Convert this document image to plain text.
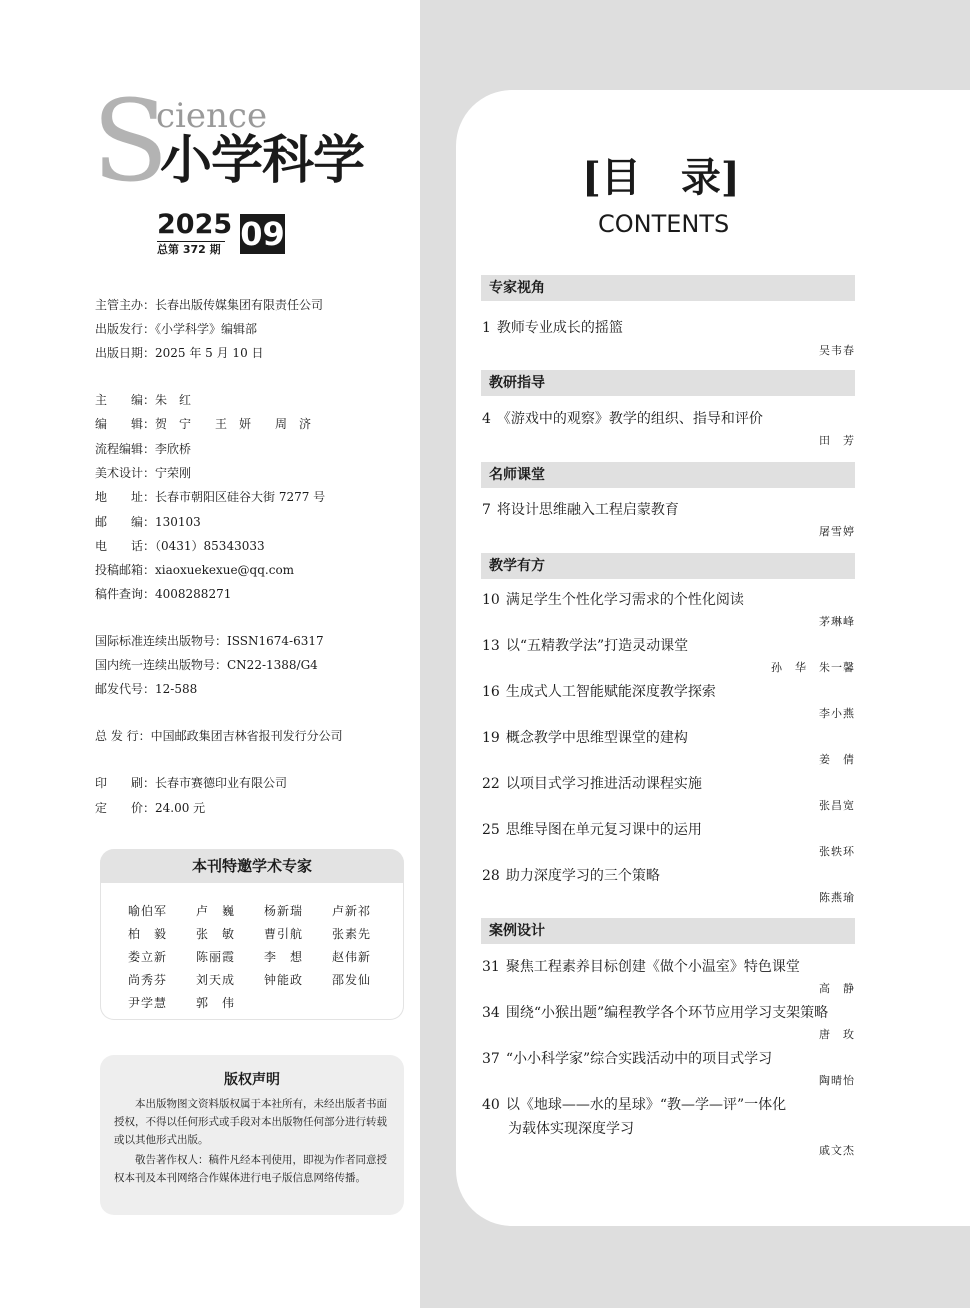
S
cience
小学科学
2025
总第 372 期 09
主管主办：长春出版传媒集团有限责任公司
出版发行：《小学科学》编辑部
出版日期：2025 年 5 月 10 日
主　　编：朱　红
编　　辑：贺　宁　　王　妍　　周　济
流程编辑：李欣桥
美术设计：宁荣刚
地　　址：长春市朝阳区硅谷大街 7277 号
邮　　编：130103
电　　话：（0431）85343033
投稿邮箱：xiaoxuekexue@qq.com
稿件查询：4008288271
国际标准连续出版物号：ISSN1674-6317
国内统一连续出版物号：CN22-1388/G4
邮发代号：12-588
总 发 行：中国邮政集团吉林省报刊发行分公司
印　　刷：长春市赛德印业有限公司
定　　价：24.00 元
本刊特邀学术专家
喻伯军 卢　巍 杨新瑞 卢新祁
柏　毅 张　敏 曹引航 张素先
娄立新 陈丽霞 李　想 赵伟新
尚秀芬 刘天成 钟能政 邵发仙
尹学慧 郭　伟
版权声明
本出版物图文资料版权属于本社所有，未经出版者书面授权，不得以任何形式或手段对本出版物任何部分进行转载或以其他形式出版。
敬告著作权人：稿件凡经本刊使用，即视为作者同意授权本刊及本刊网络合作媒体进行电子版信息网络传播。
[目　录]
CONTENTS
专家视角
1 教师专业成长的摇篮
吴韦春
教研指导
4 《游戏中的观察》教学的组织、指导和评价
田　芳
名师课堂
7 将设计思维融入工程启蒙教育
屠雪婷
教学有方
10 满足学生个性化学习需求的个性化阅读
茅琳峰
13 以“五精教学法”打造灵动课堂
孙　华　朱一馨
16 生成式人工智能赋能深度教学探索
李小燕
19 概念教学中思维型课堂的建构
姜　倩
22 以项目式学习推进活动课程实施
张昌宽
25 思维导图在单元复习课中的运用
张轶环
28 助力深度学习的三个策略
陈燕瑜
案例设计
31 聚焦工程素养目标创建《做个小温室》特色课堂
高　静
34 围绕“小猴出题”编程教学各个环节应用学习支架策略
唐　玫
37 “小小科学家”综合实践活动中的项目式学习
陶晴怡
40 以《地球——水的星球》“教—学—评”一体化
为载体实现深度学习
戚文杰
